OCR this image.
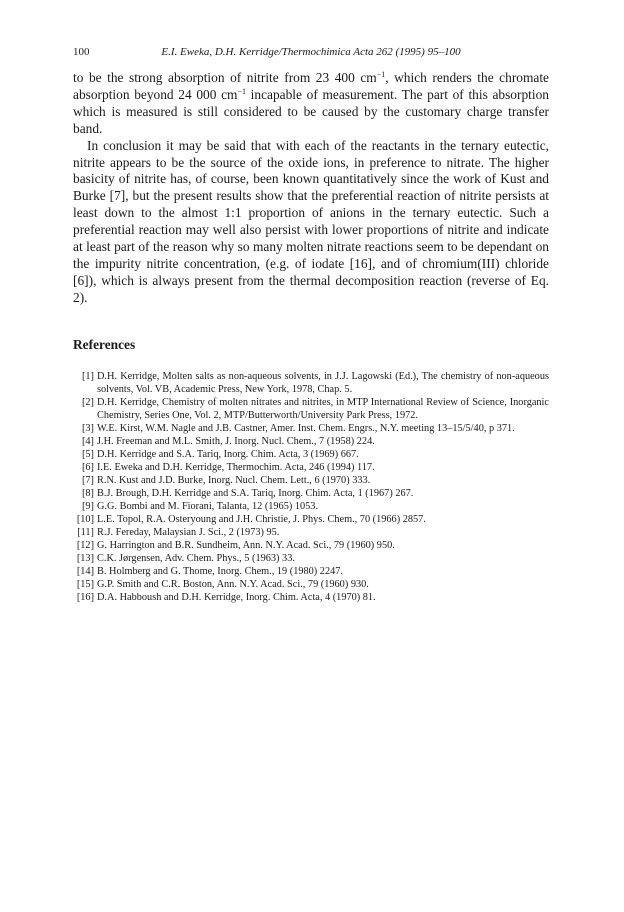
100	E.I. Eweka, D.H. Kerridge/Thermochimica Acta 262 (1995) 95–100

to be the strong absorption of nitrite from 23 400 $cm^{-1}$, which renders the chromate absorption beyond 24 000 $cm^{-1}$ incapable of measurement. The part of this absorption which is measured is still considered to be caused by the customary charge transfer band.

In conclusion it may be said that with each of the reactants in the ternary eutectic, nitrite appears to be the source of the oxide ions, in preference to nitrate. The higher basicity of nitrite has, of course, been known quantitatively since the work of Kust and Burke [7], but the present results show that the preferential reaction of nitrite persists at least down to the almost 1:1 proportion of anions in the ternary eutectic. Such a preferential reaction may well also persist with lower proportions of nitrite and indicate at least part of the reason why so many molten nitrate reactions seem to be dependant on the impurity nitrite concentration, (e.g. of iodate [16], and of chromium(III) chloride [6]), which is always present from the thermal decomposition reaction (reverse of Eq. 2).

References
[1] D.H. Kerridge, Molten salts as non-aqueous solvents, in J.J. Lagowski (Ed.), The chemistry of non-aqueous solvents, Vol. VB, Academic Press, New York, 1978, Chap. 5.
[2] D.H. Kerridge, Chemistry of molten nitrates and nitrites, in MTP International Review of Science, Inorganic Chemistry, Series One, Vol. 2, MTP/Butterworth/University Park Press, 1972.
[3] W.E. Kirst, W.M. Nagle and J.B. Castner, Amer. Inst. Chem. Engrs., N.Y. meeting 13–15/5/40, p 371.
[4] J.H. Freeman and M.L. Smith, J. Inorg. Nucl. Chem., 7 (1958) 224.
[5] D.H. Kerridge and S.A. Tariq, Inorg. Chim. Acta, 3 (1969) 667.
[6] I.E. Eweka and D.H. Kerridge, Thermochim. Acta, 246 (1994) 117.
[7] R.N. Kust and J.D. Burke, Inorg. Nucl. Chem. Lett., 6 (1970) 333.
[8] B.J. Brough, D.H. Kerridge and S.A. Tariq, Inorg. Chim. Acta, 1 (1967) 267.
[9] G.G. Bombi and M. Fiorani, Talanta, 12 (1965) 1053.
[10] L.E. Topol, R.A. Osteryoung and J.H. Christie, J. Phys. Chem., 70 (1966) 2857.
[11] R.J. Fereday, Malaysian J. Sci., 2 (1973) 95.
[12] G. Harrington and B.R. Sundheim, Ann. N.Y. Acad. Sci., 79 (1960) 950.
[13] C.K. Jørgensen, Adv. Chem. Phys., 5 (1963) 33.
[14] B. Holmberg and G. Thome, Inorg. Chem., 19 (1980) 2247.
[15] G.P. Smith and C.R. Boston, Ann. N.Y. Acad. Sci., 79 (1960) 930.
[16] D.A. Habboush and D.H. Kerridge, Inorg. Chim. Acta, 4 (1970) 81.
